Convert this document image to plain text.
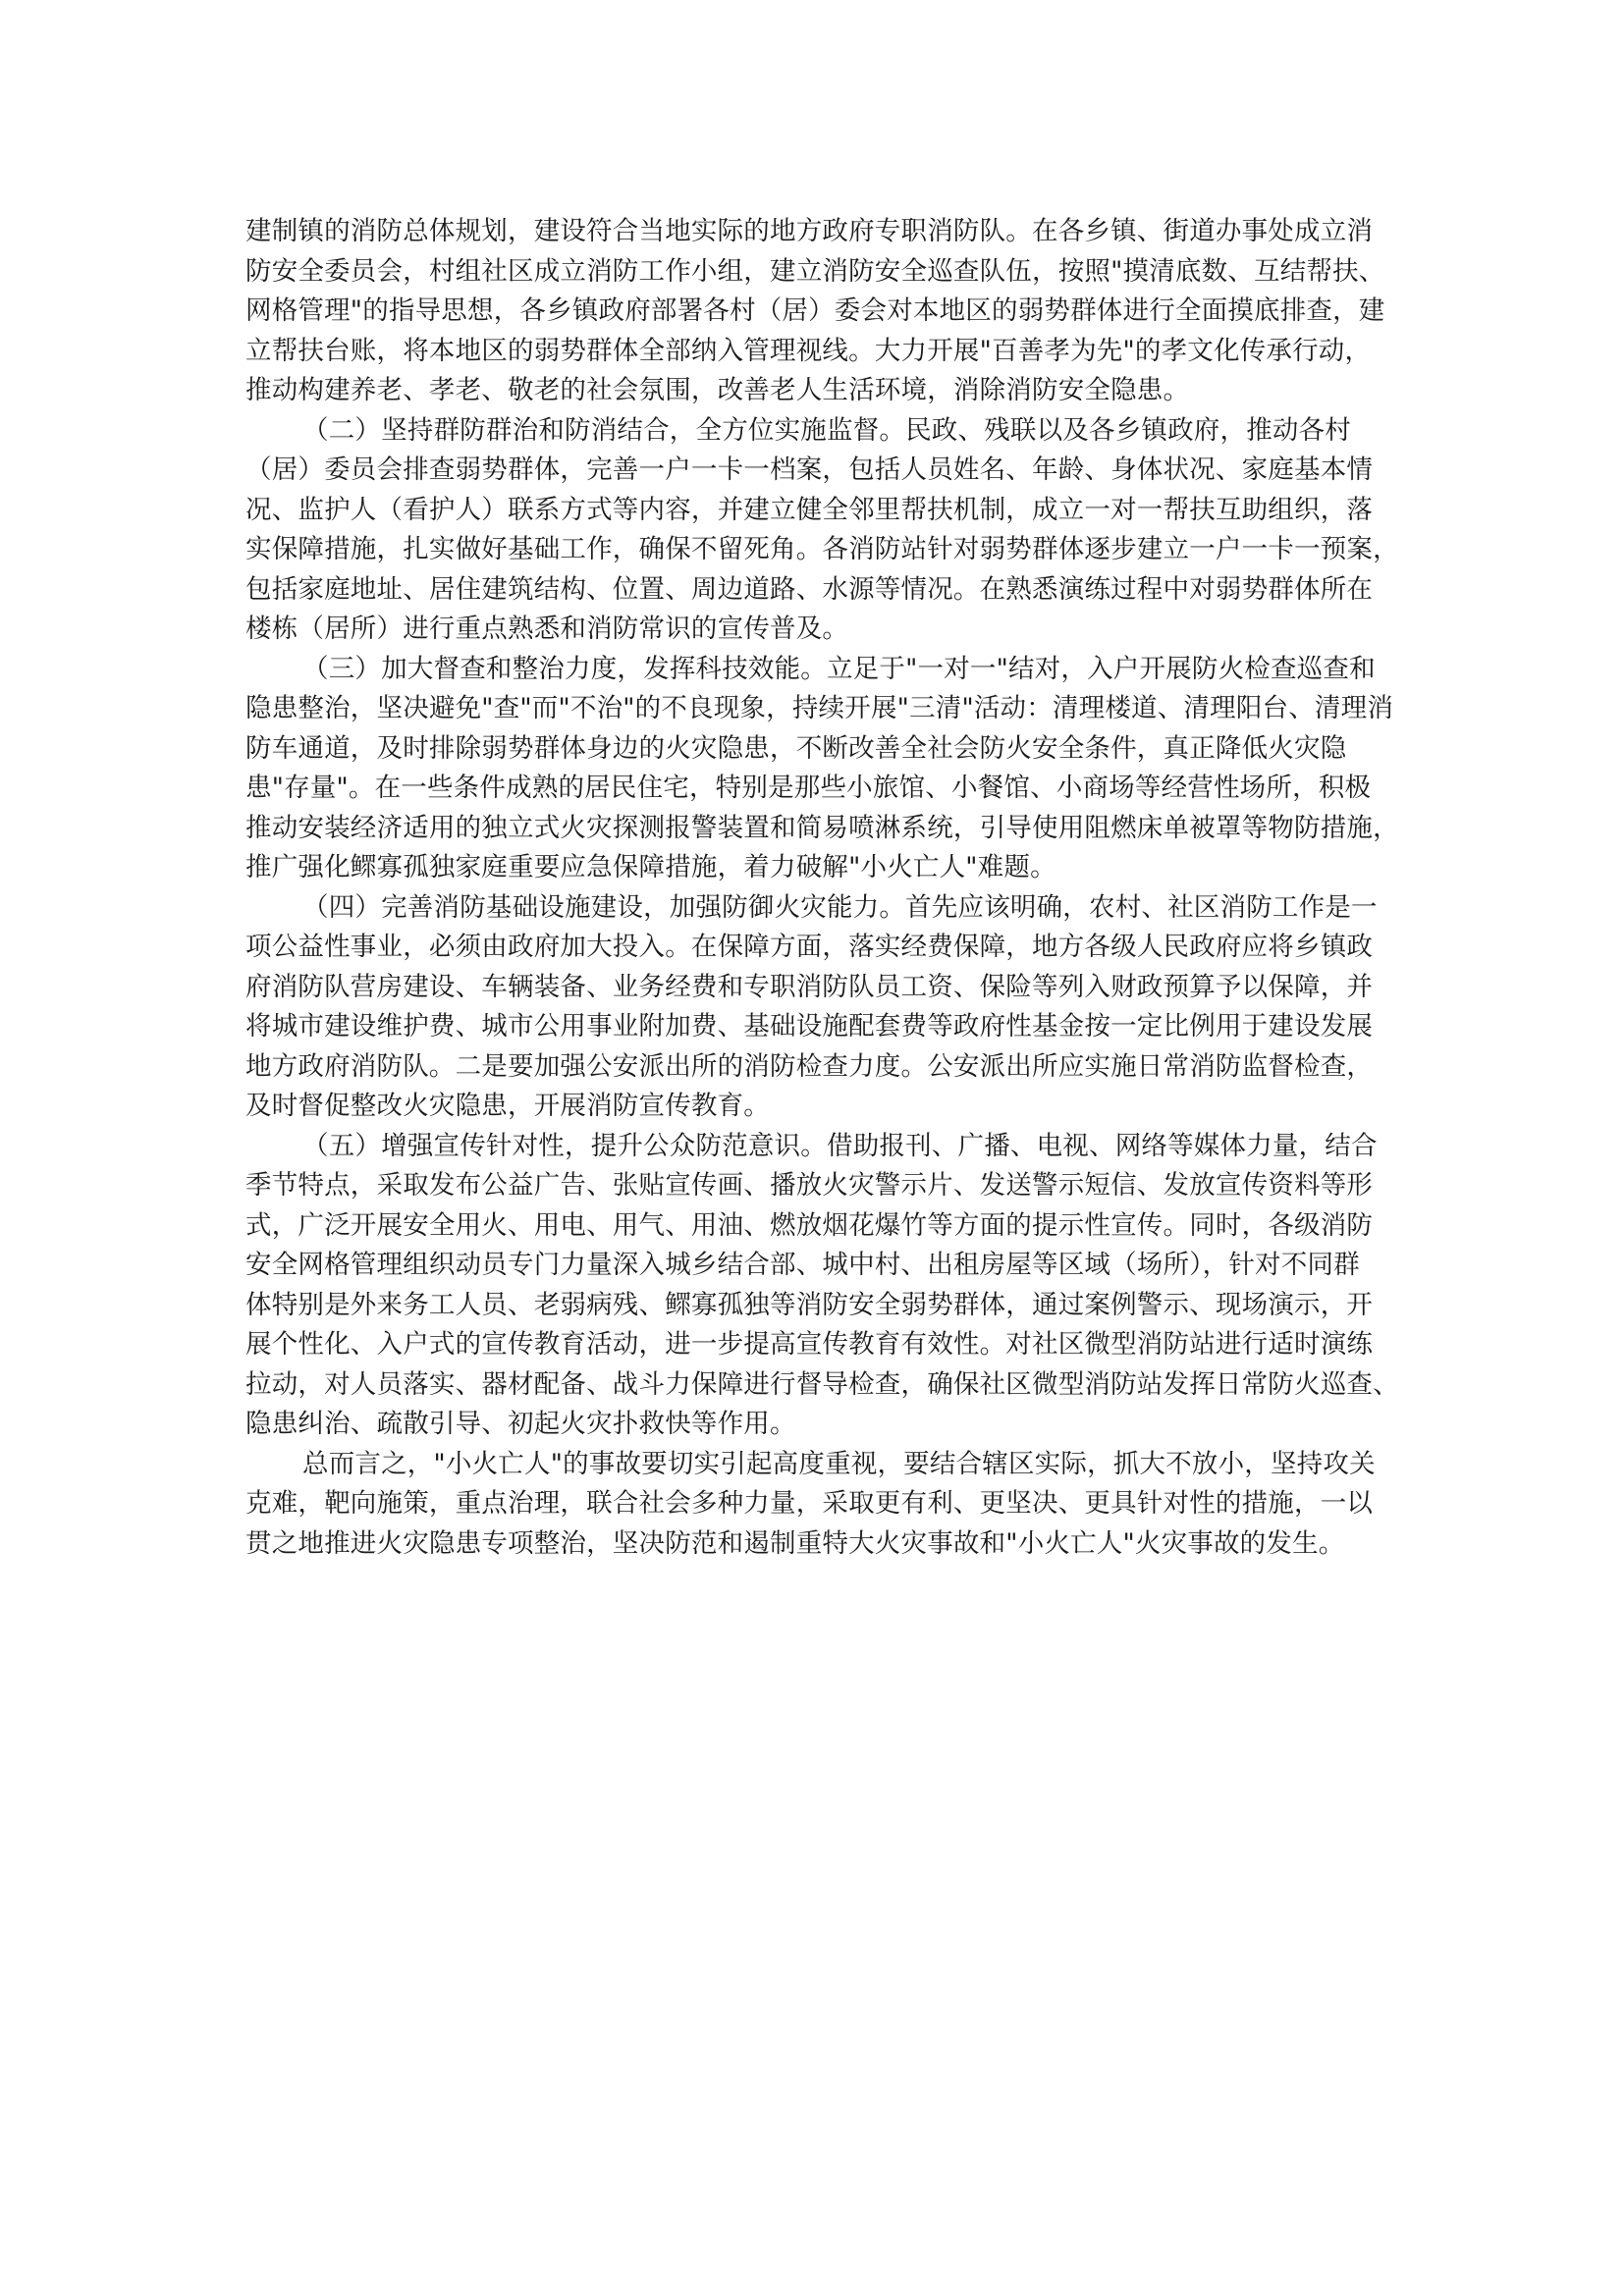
建制镇的消防总体规划，建设符合当地实际的地方政府专职消防队。在各乡镇、街道办事处成立消
防安全委员会，村组社区成立消防工作小组，建立消防安全巡查队伍，按照"摸清底数、互结帮扶、
网格管理"的指导思想，各乡镇政府部署各村（居）委会对本地区的弱势群体进行全面摸底排查，建
立帮扶台账，将本地区的弱势群体全部纳入管理视线。大力开展"百善孝为先"的孝文化传承行动，
推动构建养老、孝老、敬老的社会氛围，改善老人生活环境，消除消防安全隐患。
（二）坚持群防群治和防消结合，全方位实施监督。民政、残联以及各乡镇政府，推动各村
（居）委员会排查弱势群体，完善一户一卡一档案，包括人员姓名、年龄、身体状况、家庭基本情
况、监护人（看护人）联系方式等内容，并建立健全邻里帮扶机制，成立一对一帮扶互助组织，落
实保障措施，扎实做好基础工作，确保不留死角。各消防站针对弱势群体逐步建立一户一卡一预案，
包括家庭地址、居住建筑结构、位置、周边道路、水源等情况。在熟悉演练过程中对弱势群体所在
楼栋（居所）进行重点熟悉和消防常识的宣传普及。
（三）加大督查和整治力度，发挥科技效能。立足于"一对一"结对，入户开展防火检查巡查和
隐患整治，坚决避免"查"而"不治"的不良现象，持续开展"三清"活动：清理楼道、清理阳台、清理消
防车通道，及时排除弱势群体身边的火灾隐患，不断改善全社会防火安全条件，真正降低火灾隐
患"存量"。在一些条件成熟的居民住宅，特别是那些小旅馆、小餐馆、小商场等经营性场所，积极
推动安装经济适用的独立式火灾探测报警装置和简易喷淋系统，引导使用阻燃床单被罩等物防措施，
推广强化鳏寡孤独家庭重要应急保障措施，着力破解"小火亡人"难题。
（四）完善消防基础设施建设，加强防御火灾能力。首先应该明确，农村、社区消防工作是一
项公益性事业，必须由政府加大投入。在保障方面，落实经费保障，地方各级人民政府应将乡镇政
府消防队营房建设、车辆装备、业务经费和专职消防队员工资、保险等列入财政预算予以保障，并
将城市建设维护费、城市公用事业附加费、基础设施配套费等政府性基金按一定比例用于建设发展
地方政府消防队。二是要加强公安派出所的消防检查力度。公安派出所应实施日常消防监督检查，
及时督促整改火灾隐患，开展消防宣传教育。
（五）增强宣传针对性，提升公众防范意识。借助报刊、广播、电视、网络等媒体力量，结合
季节特点，采取发布公益广告、张贴宣传画、播放火灾警示片、发送警示短信、发放宣传资料等形
式，广泛开展安全用火、用电、用气、用油、燃放烟花爆竹等方面的提示性宣传。同时，各级消防
安全网格管理组织动员专门力量深入城乡结合部、城中村、出租房屋等区域（场所），针对不同群
体特别是外来务工人员、老弱病残、鳏寡孤独等消防安全弱势群体，通过案例警示、现场演示，开
展个性化、入户式的宣传教育活动，进一步提高宣传教育有效性。对社区微型消防站进行适时演练
拉动，对人员落实、器材配备、战斗力保障进行督导检查，确保社区微型消防站发挥日常防火巡查、
隐患纠治、疏散引导、初起火灾扑救快等作用。
总而言之，"小火亡人"的事故要切实引起高度重视，要结合辖区实际，抓大不放小，坚持攻关
克难，靶向施策，重点治理，联合社会多种力量，采取更有利、更坚决、更具针对性的措施，一以
贯之地推进火灾隐患专项整治，坚决防范和遏制重特大火灾事故和"小火亡人"火灾事故的发生。
